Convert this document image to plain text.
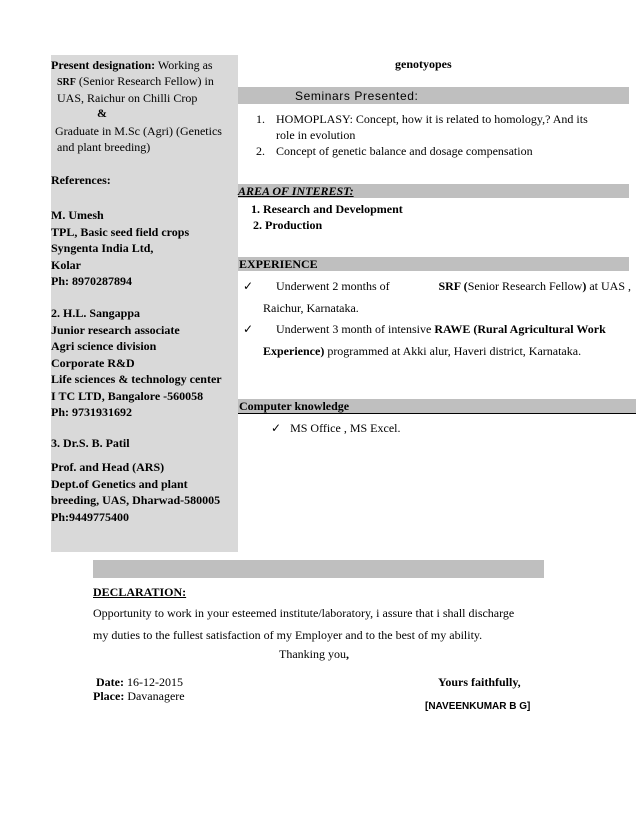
Present designation: Working as
SRF (Senior Research Fellow) in
UAS, Raichur on Chilli Crop
&
Graduate in M.Sc (Agri) (Genetics
and plant breeding)
References:
M. Umesh
TPL, Basic seed field crops
Syngenta India Ltd,
Kolar
Ph: 8970287894
2. H.L. Sangappa
Junior research associate
Agri science division
Corporate R&D
Life sciences & technology center
I TC LTD, Bangalore -560058
Ph: 9731931692
3. Dr.S. B. Patil
Prof. and Head (ARS)
Dept.of Genetics and plant
breeding, UAS, Dharwad-580005
Ph:9449775400
genotyopes
Seminars Presented:
1. HOMOPLASY: Concept, how it is related to homology,? And its
role in evolution
2. Concept of genetic balance and dosage compensation
AREA OF INTEREST:
1. Research and Development
2. Production
EXPERIENCE
✓ Underwent 2 months of	SRF (Senior Research Fellow) at UAS ,
Raichur, Karnataka.
✓	Underwent 3 month of intensive RAWE (Rural Agricultural Work
Experience) programmed at Akki alur, Haveri district, Karnataka.
Computer knowledge
✓ MS Office , MS Excel.
DECLARATION:
Opportunity to work in your esteemed institute/laboratory, i assure that i shall discharge
my duties to the fullest satisfaction of my Employer and to the best of my ability.
Thanking you,
Date: 16-12-2015
Place: Davanagere
Yours faithfully,
[NAVEENKUMAR B G]
